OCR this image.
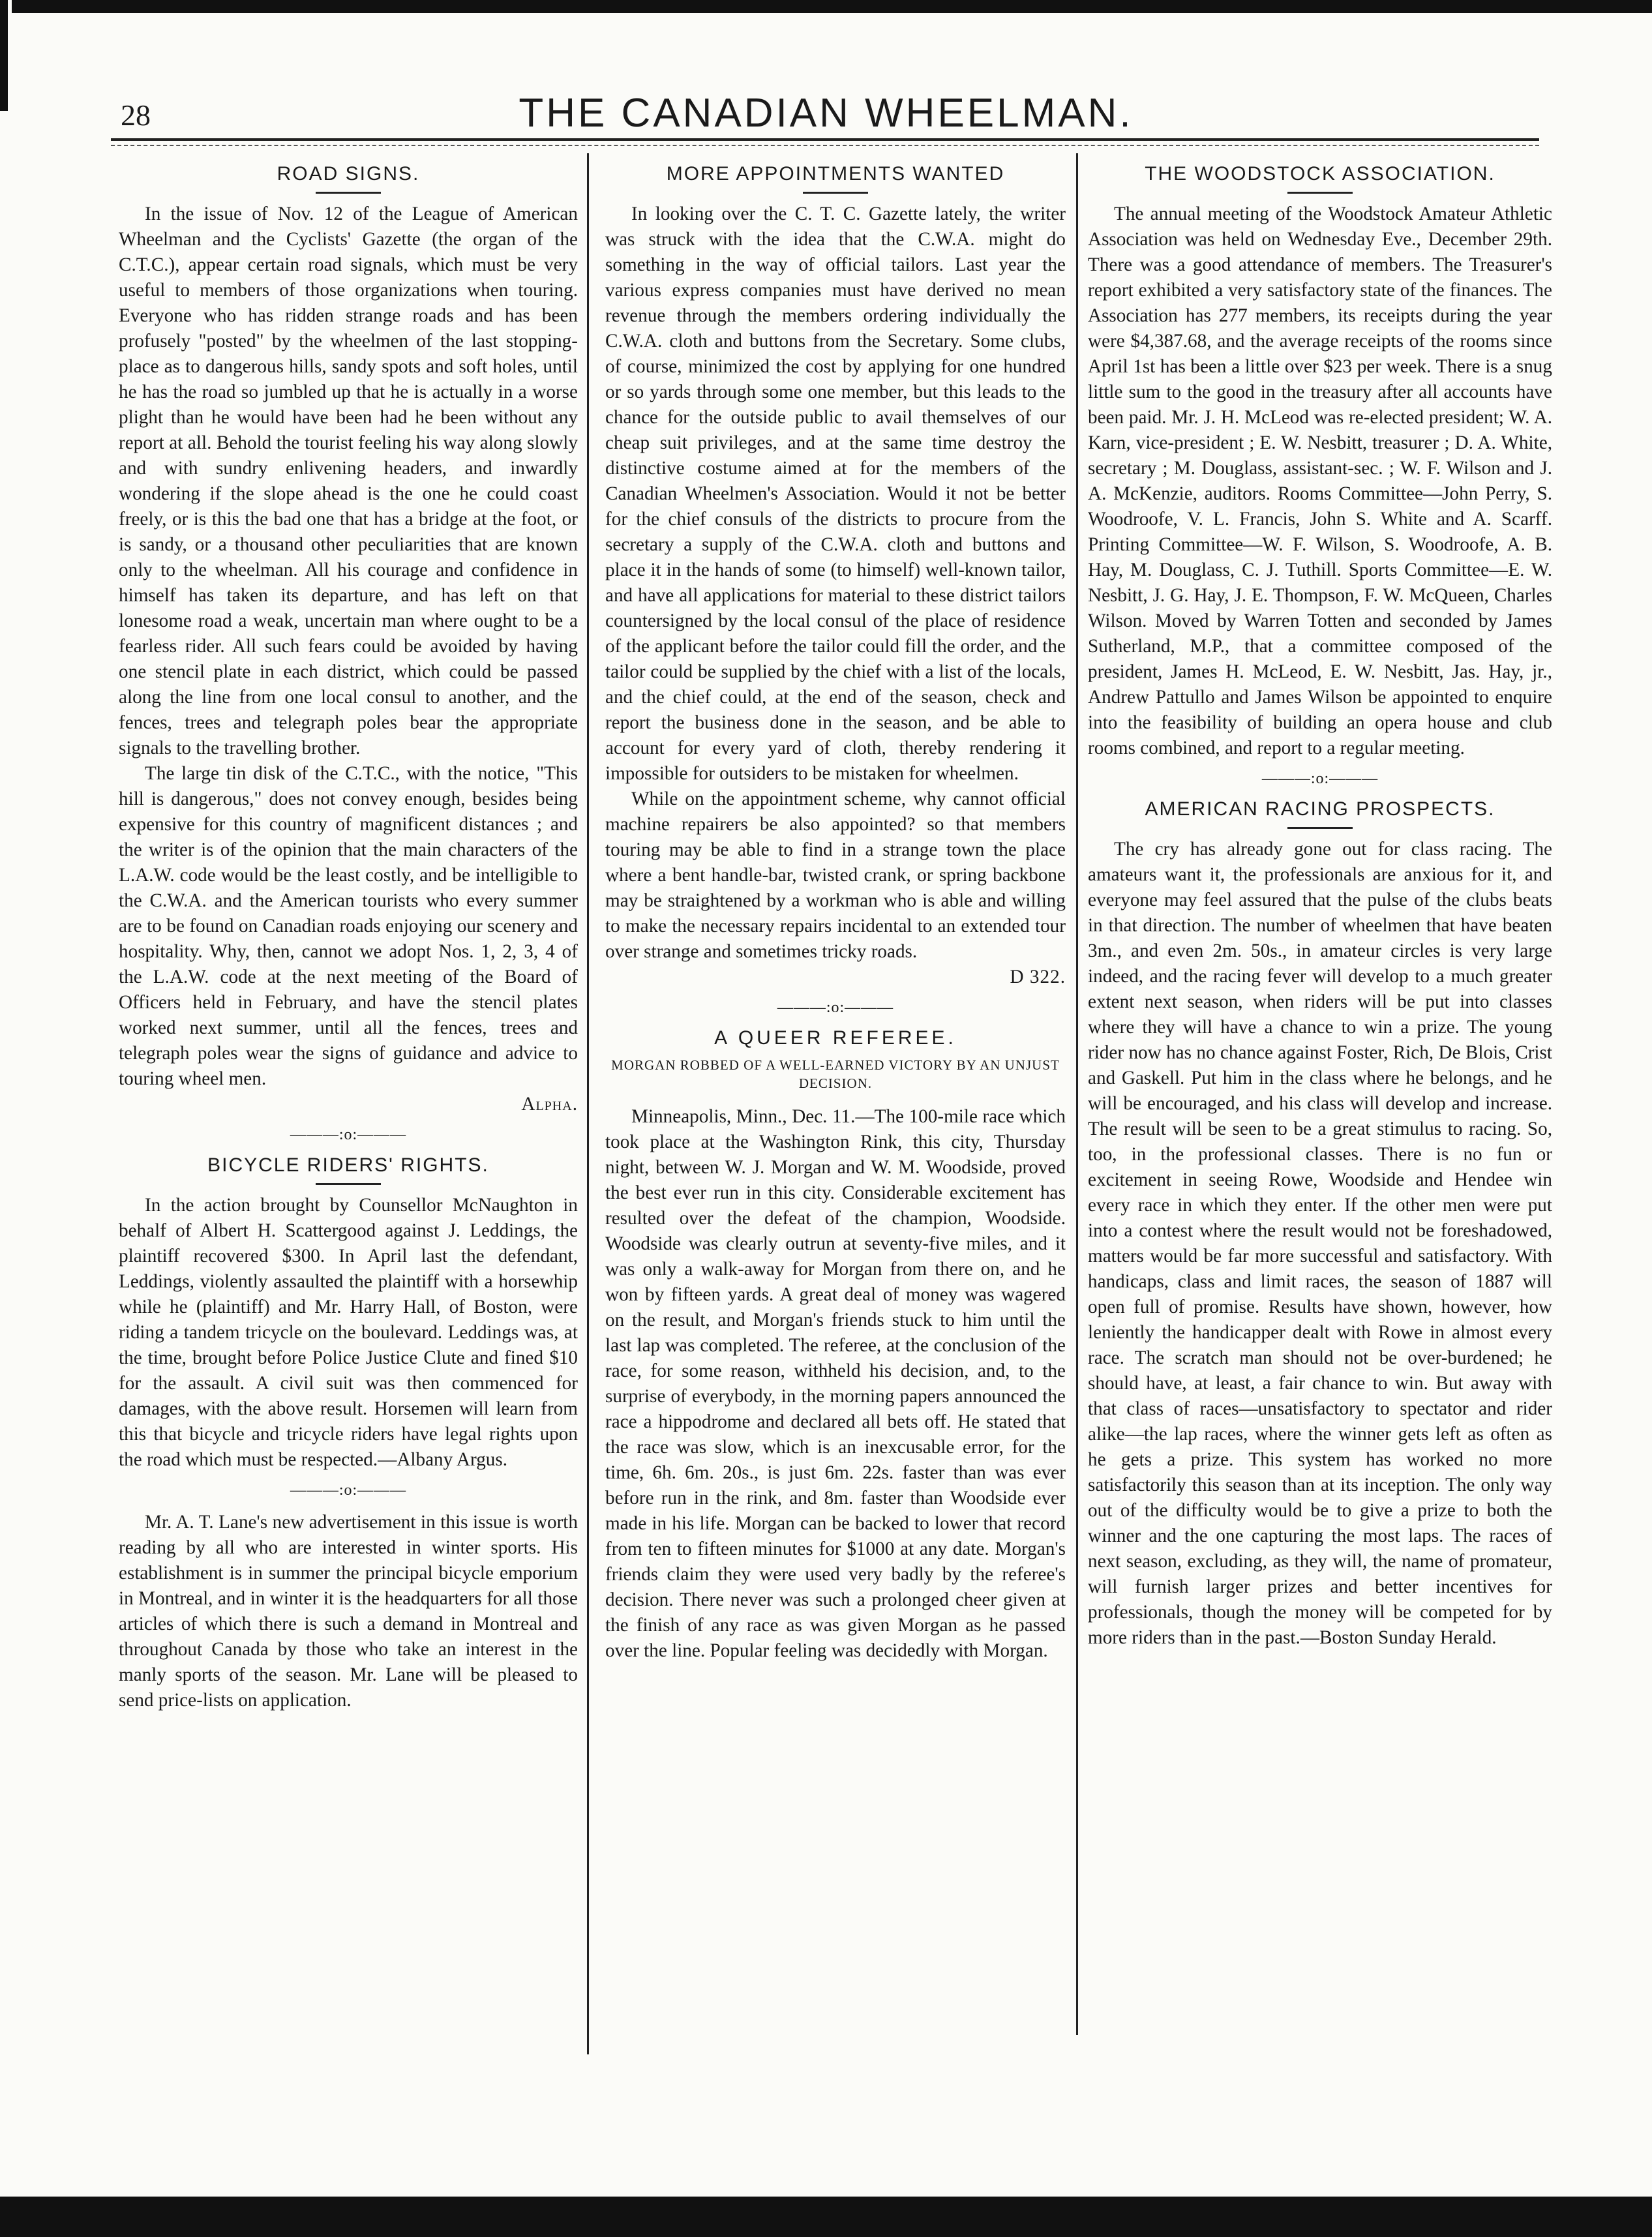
28	THE CANADIAN WHEELMAN.
ROAD SIGNS.

In the issue of Nov. 12 of the League of American Wheelman and the Cyclists' Gazette (the organ of the C.T.C.), appear certain road signals, which must be very useful to members of those organizations when touring. Everyone who has ridden strange roads and has been profusely "posted" by the wheelmen of the last stopping-place as to dangerous hills, sandy spots and soft holes, until he has the road so jumbled up that he is actually in a worse plight than he would have been had he been without any report at all. Behold the tourist feeling his way along slowly and with sundry enlivening headers, and inwardly wondering if the slope ahead is the one he could coast freely, or is this the bad one that has a bridge at the foot, or is sandy, or a thousand other peculiarities that are known only to the wheelman. All his courage and confidence in himself has taken its departure, and has left on that lonesome road a weak, uncertain man where ought to be a fearless rider. All such fears could be avoided by having one stencil plate in each district, which could be passed along the line from one local consul to another, and the fences, trees and telegraph poles bear the appropriate signals to the travelling brother.

The large tin disk of the C.T.C., with the notice, "This hill is dangerous," does not convey enough, besides being expensive for this country of magnificent distances ; and the writer is of the opinion that the main characters of the L.A.W. code would be the least costly, and be intelligible to the C.W.A. and the American tourists who every summer are to be found on Canadian roads enjoying our scenery and hospitality. Why, then, cannot we adopt Nos. 1, 2, 3, 4 of the L.A.W. code at the next meeting of the Board of Officers held in February, and have the stencil plates worked next summer, until all the fences, trees and telegraph poles wear the signs of guidance and advice to touring wheel men.

Alpha.

———:o:———
BICYCLE RIDERS' RIGHTS.

In the action brought by Counsellor McNaughton in behalf of Albert H. Scattergood against J. Leddings, the plaintiff recovered $300. In April last the defendant, Leddings, violently assaulted the plaintiff with a horsewhip while he (plaintiff) and Mr. Harry Hall, of Boston, were riding a tandem tricycle on the boulevard. Leddings was, at the time, brought before Police Justice Clute and fined $10 for the assault. A civil suit was then commenced for damages, with the above result. Horsemen will learn from this that bicycle and tricycle riders have legal rights upon the road which must be respected.—Albany Argus.

———:o:———

Mr. A. T. Lane's new advertisement in this issue is worth reading by all who are interested in winter sports. His establishment is in summer the principal bicycle emporium in Montreal, and in winter it is the headquarters for all those articles of which there is such a demand in Montreal and throughout Canada by those who take an interest in the manly sports of the season. Mr. Lane will be pleased to send price-lists on application.

MORE APPOINTMENTS WANTED

In looking over the C. T. C. Gazette lately, the writer was struck with the idea that the C.W.A. might do something in the way of official tailors. Last year the various express companies must have derived no mean revenue through the members ordering individually the C.W.A. cloth and buttons from the Secretary. Some clubs, of course, minimized the cost by applying for one hundred or so yards through some one member, but this leads to the chance for the outside public to avail themselves of our cheap suit privileges, and at the same time destroy the distinctive costume aimed at for the members of the Canadian Wheelmen's Association. Would it not be better for the chief consuls of the districts to procure from the secretary a supply of the C.W.A. cloth and buttons and place it in the hands of some (to himself) well-known tailor, and have all applications for material to these district tailors countersigned by the local consul of the place of residence of the applicant before the tailor could fill the order, and the tailor could be supplied by the chief with a list of the locals, and the chief could, at the end of the season, check and report the business done in the season, and be able to account for every yard of cloth, thereby rendering it impossible for outsiders to be mistaken for wheelmen.

While on the appointment scheme, why cannot official machine repairers be also appointed? so that members touring may be able to find in a strange town the place where a bent handle-bar, twisted crank, or spring backbone may be straightened by a workman who is able and willing to make the necessary repairs incidental to an extended tour over strange and sometimes tricky roads.

D 322.

———:o:———
A QUEER REFEREE.
MORGAN ROBBED OF A WELL-EARNED VICTORY BY AN UNJUST DECISION.

Minneapolis, Minn., Dec. 11.—The 100-mile race which took place at the Washington Rink, this city, Thursday night, between W. J. Morgan and W. M. Woodside, proved the best ever run in this city. Considerable excitement has resulted over the defeat of the champion, Woodside. Woodside was clearly outrun at seventy-five miles, and it was only a walk-away for Morgan from there on, and he won by fifteen yards. A great deal of money was wagered on the result, and Morgan's friends stuck to him until the last lap was completed. The referee, at the conclusion of the race, for some reason, withheld his decision, and, to the surprise of everybody, in the morning papers announced the race a hippodrome and declared all bets off. He stated that the race was slow, which is an inexcusable error, for the time, 6h. 6m. 20s., is just 6m. 22s. faster than was ever before run in the rink, and 8m. faster than Woodside ever made in his life. Morgan can be backed to lower that record from ten to fifteen minutes for $1000 at any date. Morgan's friends claim they were used very badly by the referee's decision. There never was such a prolonged cheer given at the finish of any race as was given Morgan as he passed over the line. Popular feeling was decidedly with Morgan.

THE WOODSTOCK ASSOCIATION.

The annual meeting of the Woodstock Amateur Athletic Association was held on Wednesday Eve., December 29th. There was a good attendance of members. The Treasurer's report exhibited a very satisfactory state of the finances. The Association has 277 members, its receipts during the year were $4,387.68, and the average receipts of the rooms since April 1st has been a little over $23 per week. There is a snug little sum to the good in the treasury after all accounts have been paid. Mr. J. H. McLeod was re-elected president; W. A. Karn, vice-president ; E. W. Nesbitt, treasurer ; D. A. White, secretary ; M. Douglass, assistant-sec. ; W. F. Wilson and J. A. McKenzie, auditors. Rooms Committee—John Perry, S. Woodroofe, V. L. Francis, John S. White and A. Scarff. Printing Committee—W. F. Wilson, S. Woodroofe, A. B. Hay, M. Douglass, C. J. Tuthill. Sports Committee—E. W. Nesbitt, J. G. Hay, J. E. Thompson, F. W. McQueen, Charles Wilson. Moved by Warren Totten and seconded by James Sutherland, M.P., that a committee composed of the president, James H. McLeod, E. W. Nesbitt, Jas. Hay, jr., Andrew Pattullo and James Wilson be appointed to enquire into the feasibility of building an opera house and club rooms combined, and report to a regular meeting.

———:o:———
AMERICAN RACING PROSPECTS.

The cry has already gone out for class racing. The amateurs want it, the professionals are anxious for it, and everyone may feel assured that the pulse of the clubs beats in that direction. The number of wheelmen that have beaten 3m., and even 2m. 50s., in amateur circles is very large indeed, and the racing fever will develop to a much greater extent next season, when riders will be put into classes where they will have a chance to win a prize. The young rider now has no chance against Foster, Rich, De Blois, Crist and Gaskell. Put him in the class where he belongs, and he will be encouraged, and his class will develop and increase. The result will be seen to be a great stimulus to racing. So, too, in the professional classes. There is no fun or excitement in seeing Rowe, Woodside and Hendee win every race in which they enter. If the other men were put into a contest where the result would not be foreshadowed, matters would be far more successful and satisfactory. With handicaps, class and limit races, the season of 1887 will open full of promise. Results have shown, however, how leniently the handicapper dealt with Rowe in almost every race. The scratch man should not be over-burdened; he should have, at least, a fair chance to win. But away with that class of races—unsatisfactory to spectator and rider alike—the lap races, where the winner gets left as often as he gets a prize. This system has worked no more satisfactorily this season than at its inception. The only way out of the difficulty would be to give a prize to both the winner and the one capturing the most laps. The races of next season, excluding, as they will, the name of promateur, will furnish larger prizes and better incentives for professionals, though the money will be competed for by more riders than in the past.—Boston Sunday Herald.
